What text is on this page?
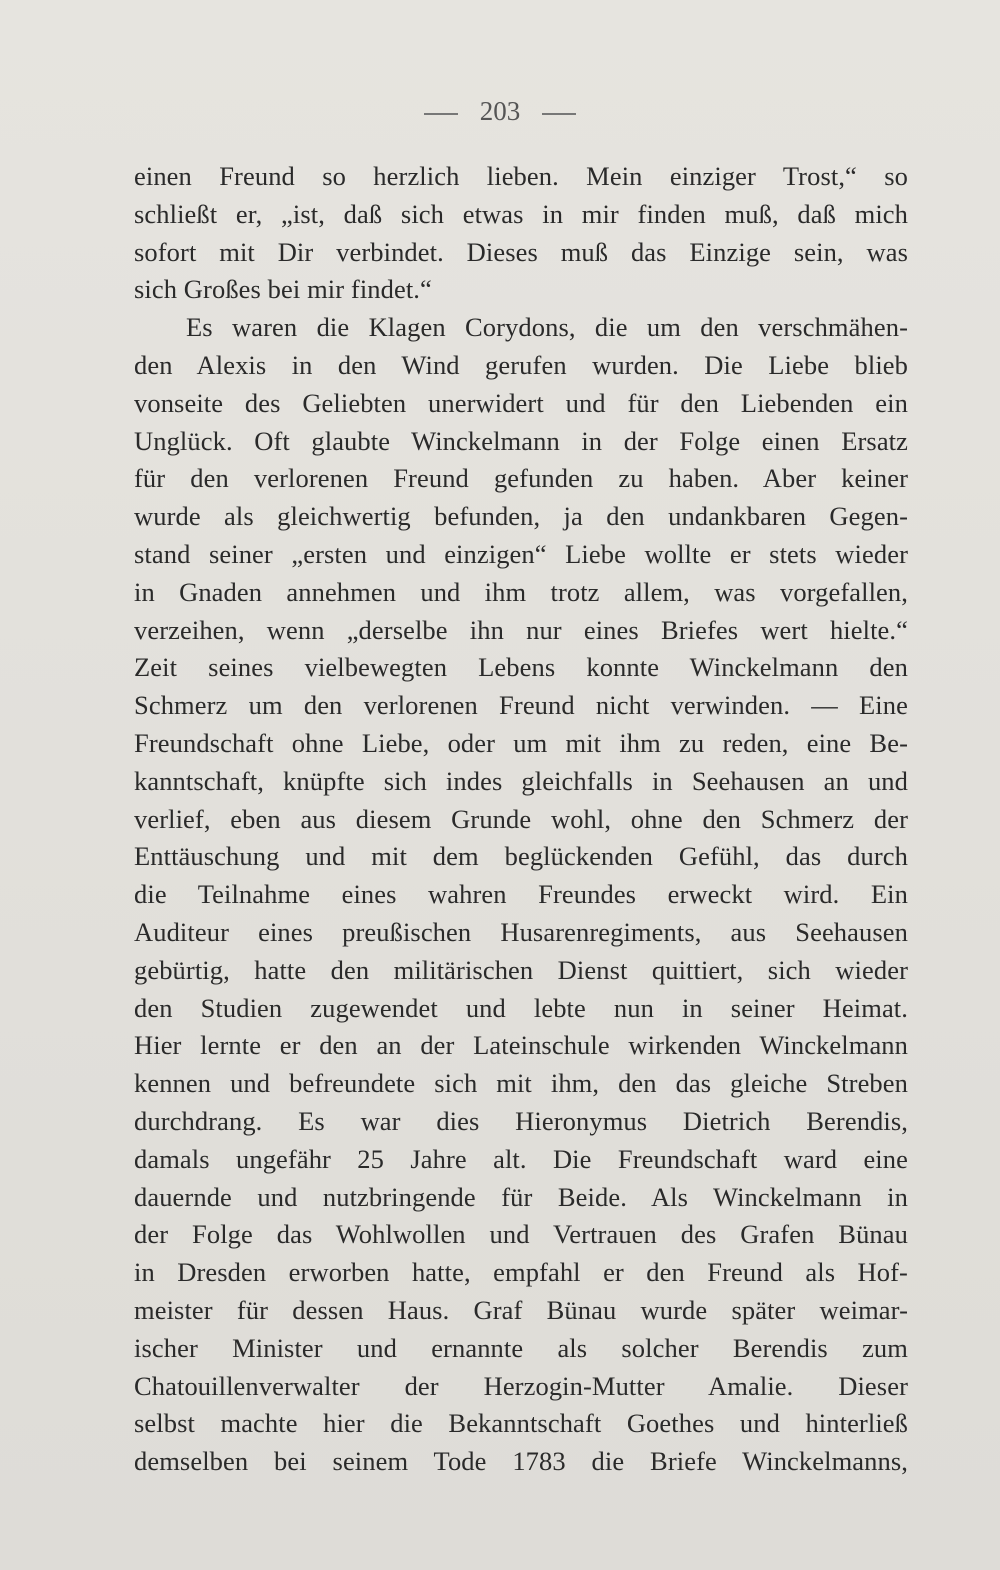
203
einen Freund so herzlich lieben. Mein einziger Trost,“ so
schließt er, „ist, daß sich etwas in mir finden muß, daß mich
sofort mit Dir verbindet. Dieses muß das Einzige sein, was
sich Großes bei mir findet.“
Es waren die Klagen Corydons, die um den verschmähen-
den Alexis in den Wind gerufen wurden. Die Liebe blieb
vonseite des Geliebten unerwidert und für den Liebenden ein
Unglück. Oft glaubte Winckelmann in der Folge einen Ersatz
für den verlorenen Freund gefunden zu haben. Aber keiner
wurde als gleichwertig befunden, ja den undankbaren Gegen-
stand seiner „ersten und einzigen“ Liebe wollte er stets wieder
in Gnaden annehmen und ihm trotz allem, was vorgefallen,
verzeihen, wenn „derselbe ihn nur eines Briefes wert hielte.“
Zeit seines vielbewegten Lebens konnte Winckelmann den
Schmerz um den verlorenen Freund nicht verwinden. — Eine
Freundschaft ohne Liebe, oder um mit ihm zu reden, eine Be-
kanntschaft, knüpfte sich indes gleichfalls in Seehausen an und
verlief, eben aus diesem Grunde wohl, ohne den Schmerz der
Enttäuschung und mit dem beglückenden Gefühl, das durch
die Teilnahme eines wahren Freundes erweckt wird. Ein
Auditeur eines preußischen Husarenregiments, aus Seehausen
gebürtig, hatte den militärischen Dienst quittiert, sich wieder
den Studien zugewendet und lebte nun in seiner Heimat.
Hier lernte er den an der Lateinschule wirkenden Winckelmann
kennen und befreundete sich mit ihm, den das gleiche Streben
durchdrang. Es war dies Hieronymus Dietrich Berendis,
damals ungefähr 25 Jahre alt. Die Freundschaft ward eine
dauernde und nutzbringende für Beide. Als Winckelmann in
der Folge das Wohlwollen und Vertrauen des Grafen Bünau
in Dresden erworben hatte, empfahl er den Freund als Hof-
meister für dessen Haus. Graf Bünau wurde später weimar-
ischer Minister und ernannte als solcher Berendis zum
Chatouillenverwalter der Herzogin-Mutter Amalie. Dieser
selbst machte hier die Bekanntschaft Goethes und hinterließ
demselben bei seinem Tode 1783 die Briefe Winckelmanns,
